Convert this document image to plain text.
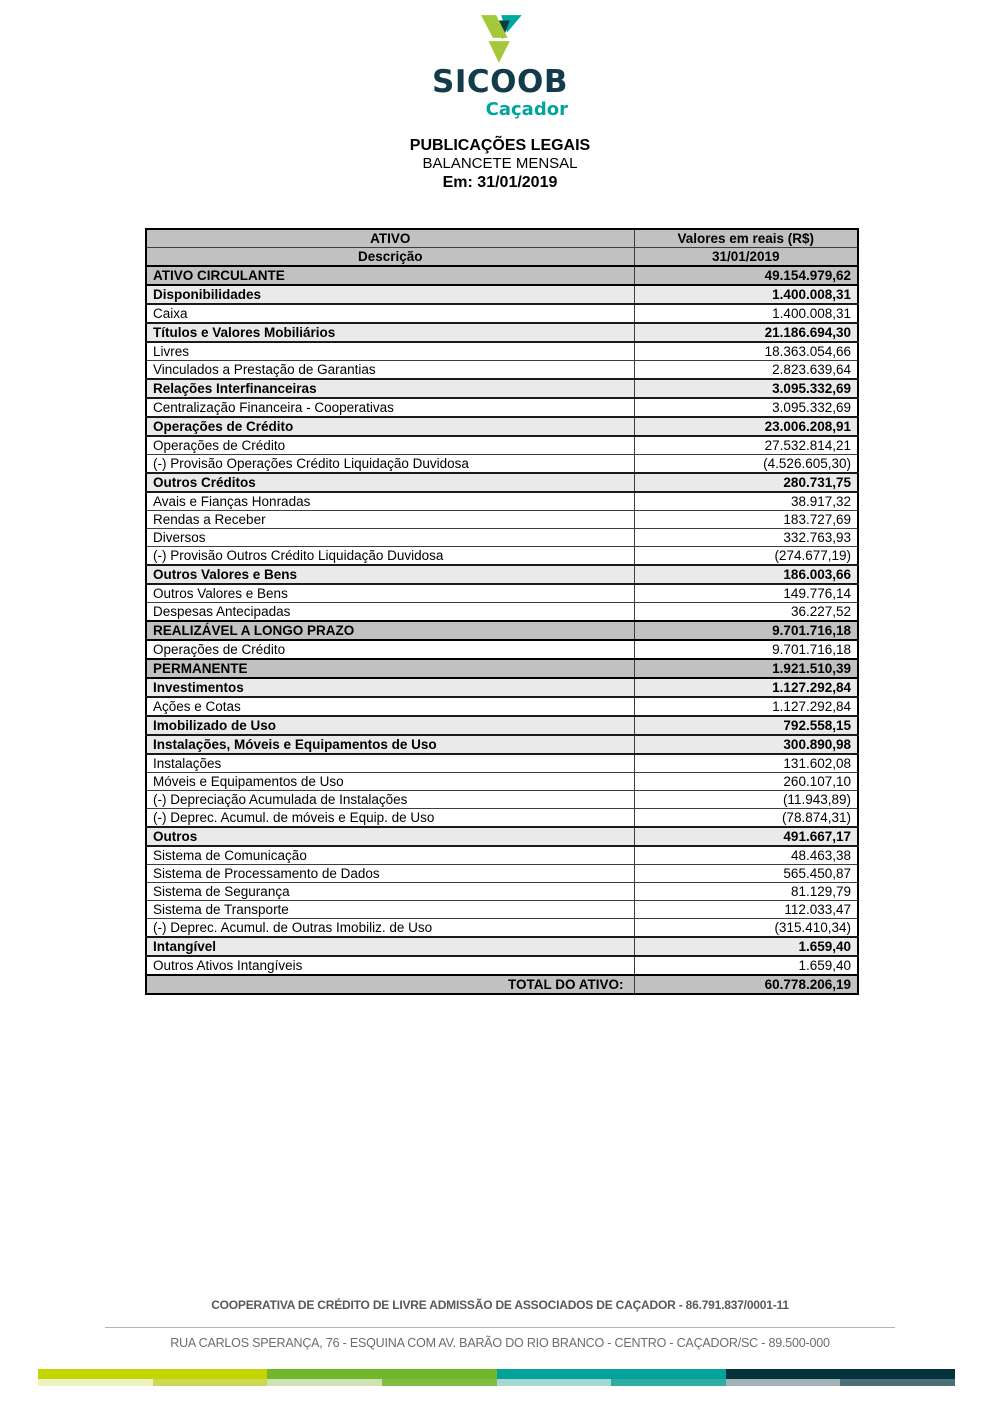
SICOOB
Caçador
PUBLICAÇÕES LEGAIS
BALANCETE MENSAL
Em: 31/01/2019
ATIVO	Valores em reais (R$)
Descrição	31/01/2019
ATIVO CIRCULANTE	49.154.979,62
Disponibilidades	1.400.008,31
Caixa	1.400.008,31
Títulos e Valores Mobiliários	21.186.694,30
Livres	18.363.054,66
Vinculados a Prestação de Garantias	2.823.639,64
Relações Interfinanceiras	3.095.332,69
Centralização Financeira - Cooperativas	3.095.332,69
Operações de Crédito	23.006.208,91
Operações de Crédito	27.532.814,21
(-) Provisão Operações Crédito Liquidação Duvidosa	(4.526.605,30)
Outros Créditos	280.731,75
Avais e Fianças Honradas	38.917,32
Rendas a Receber	183.727,69
Diversos	332.763,93
(-) Provisão Outros Crédito Liquidação Duvidosa	(274.677,19)
Outros Valores e Bens	186.003,66
Outros Valores e Bens	149.776,14
Despesas Antecipadas	36.227,52
REALIZÁVEL A LONGO PRAZO	9.701.716,18
Operações de Crédito	9.701.716,18
PERMANENTE	1.921.510,39
Investimentos	1.127.292,84
Ações e Cotas	1.127.292,84
Imobilizado de Uso	792.558,15
Instalações, Móveis e Equipamentos de Uso	300.890,98
Instalações	131.602,08
Móveis e Equipamentos de Uso	260.107,10
(-) Depreciação Acumulada de Instalações	(11.943,89)
(-) Deprec. Acumul. de móveis e Equip. de Uso	(78.874,31)
Outros	491.667,17
Sistema de Comunicação	48.463,38
Sistema de Processamento de Dados	565.450,87
Sistema de Segurança	81.129,79
Sistema de Transporte	112.033,47
(-) Deprec. Acumul. de Outras Imobiliz. de Uso	(315.410,34)
Intangível	1.659,40
Outros Ativos Intangíveis	1.659,40
TOTAL DO ATIVO:	60.778.206,19
COOPERATIVA DE CRÉDITO DE LIVRE ADMISSÃO DE ASSOCIADOS DE CAÇADOR - 86.791.837/0001-11
RUA CARLOS SPERANÇA, 76 - ESQUINA COM AV. BARÃO DO RIO BRANCO - CENTRO - CAÇADOR/SC - 89.500-000
